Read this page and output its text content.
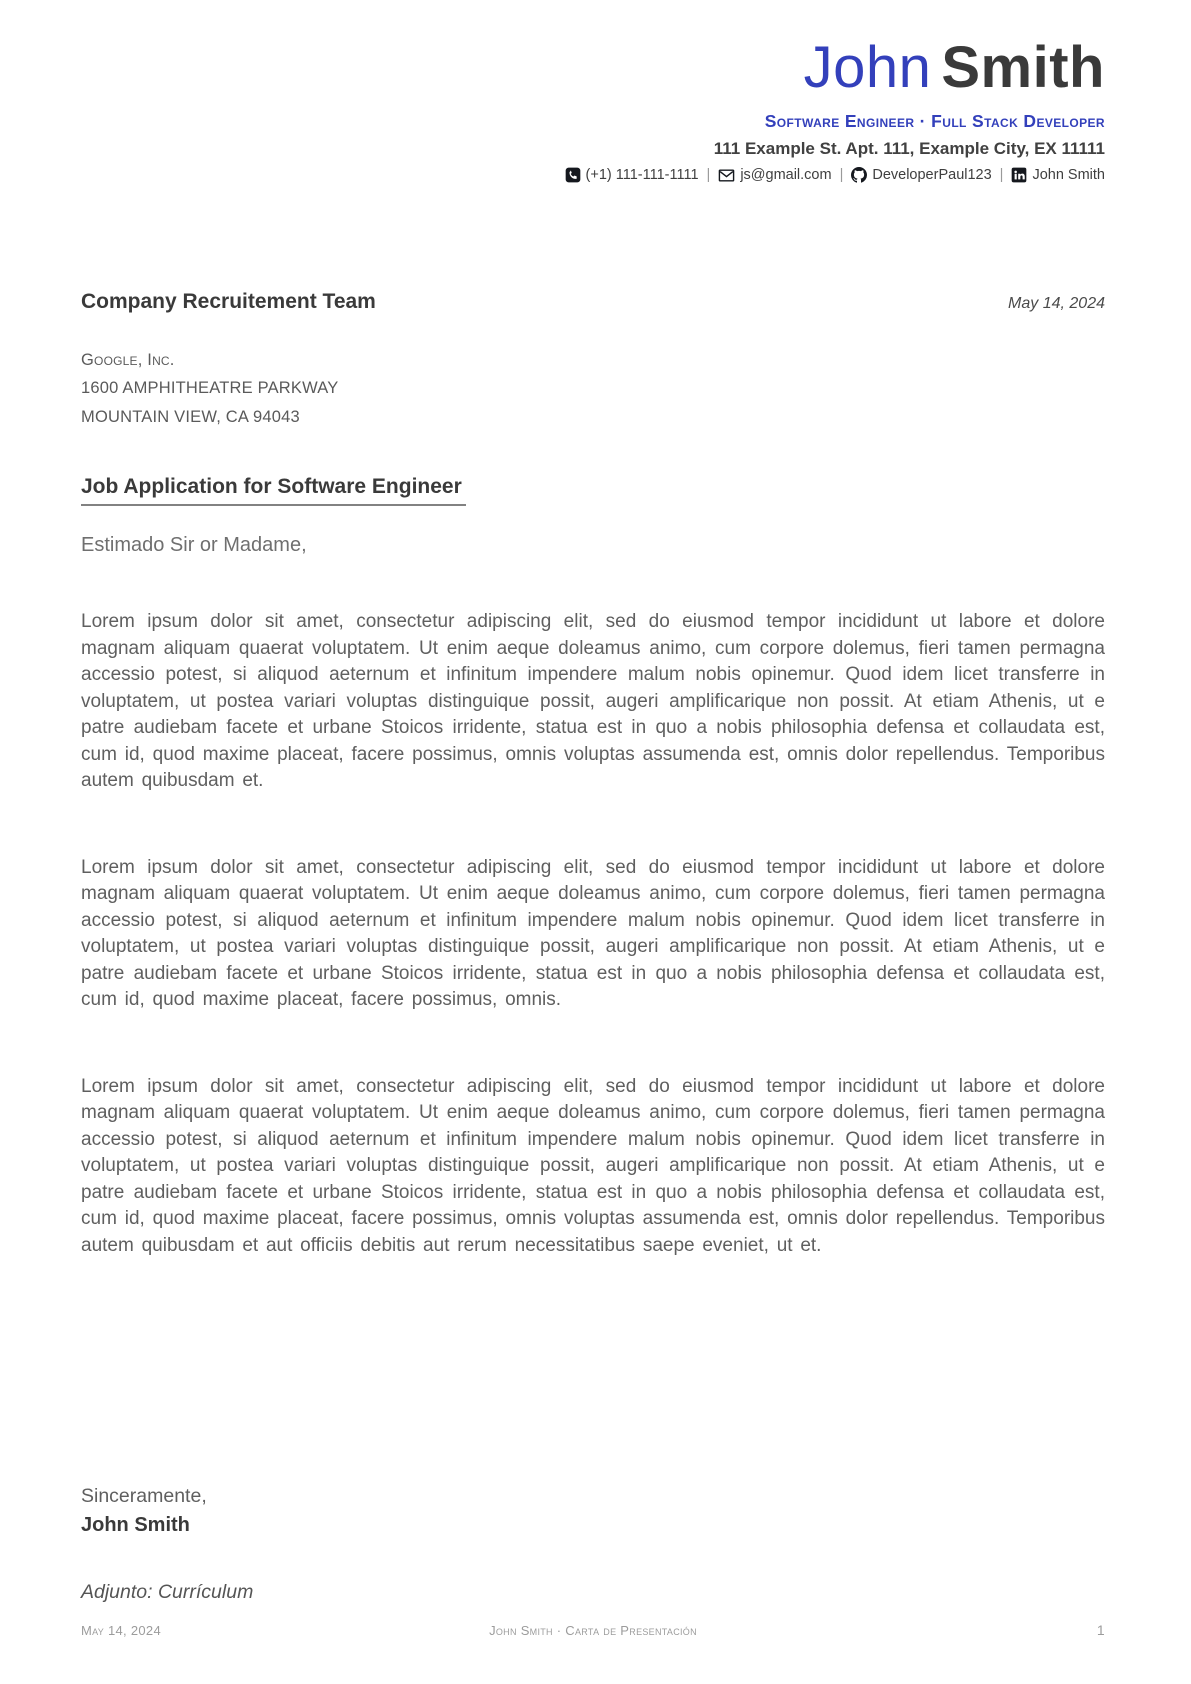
John Smith
Software Engineer · Full Stack Developer
111 Example St. Apt. 111, Example City, EX 11111
(+1) 111-111-1111 | js@gmail.com | DeveloperPaul123 | John Smith
Company Recruitement Team	May 14, 2024
Google, Inc.
1600 AMPHITHEATRE PARKWAY
MOUNTAIN VIEW, CA 94043
Job Application for Software Engineer
Estimado Sir or Madame,

Lorem ipsum dolor sit amet, consectetur adipiscing elit, sed do eiusmod tempor incididunt ut labore et dolore magnam aliquam quaerat voluptatem. Ut enim aeque doleamus animo, cum corpore dolemus, fieri tamen permagna accessio potest, si aliquod aeternum et infinitum impendere malum nobis opinemur. Quod idem licet transferre in voluptatem, ut postea variari voluptas distinguique possit, augeri amplificarique non possit. At etiam Athenis, ut e patre audiebam facete et urbane Stoicos irridente, statua est in quo a nobis philosophia defensa et collaudata est, cum id, quod maxime placeat, facere possimus, omnis voluptas assumenda est, omnis dolor repellendus. Temporibus autem quibusdam et.

Lorem ipsum dolor sit amet, consectetur adipiscing elit, sed do eiusmod tempor incididunt ut labore et dolore magnam aliquam quaerat voluptatem. Ut enim aeque doleamus animo, cum corpore dolemus, fieri tamen permagna accessio potest, si aliquod aeternum et infinitum impendere malum nobis opinemur. Quod idem licet transferre in voluptatem, ut postea variari voluptas distinguique possit, augeri amplificarique non possit. At etiam Athenis, ut e patre audiebam facete et urbane Stoicos irridente, statua est in quo a nobis philosophia defensa et collaudata est, cum id, quod maxime placeat, facere possimus, omnis.

Lorem ipsum dolor sit amet, consectetur adipiscing elit, sed do eiusmod tempor incididunt ut labore et dolore magnam aliquam quaerat voluptatem. Ut enim aeque doleamus animo, cum corpore dolemus, fieri tamen permagna accessio potest, si aliquod aeternum et infinitum impendere malum nobis opinemur. Quod idem licet transferre in voluptatem, ut postea variari voluptas distinguique possit, augeri amplificarique non possit. At etiam Athenis, ut e patre audiebam facete et urbane Stoicos irridente, statua est in quo a nobis philosophia defensa et collaudata est, cum id, quod maxime placeat, facere possimus, omnis voluptas assumenda est, omnis dolor repellendus. Temporibus autem quibusdam et aut officiis debitis aut rerum necessitatibus saepe eveniet, ut et.

Sinceramente,
John Smith
Adjunto: Currículum
May 14, 2024	John Smith · Carta de Presentación	1
